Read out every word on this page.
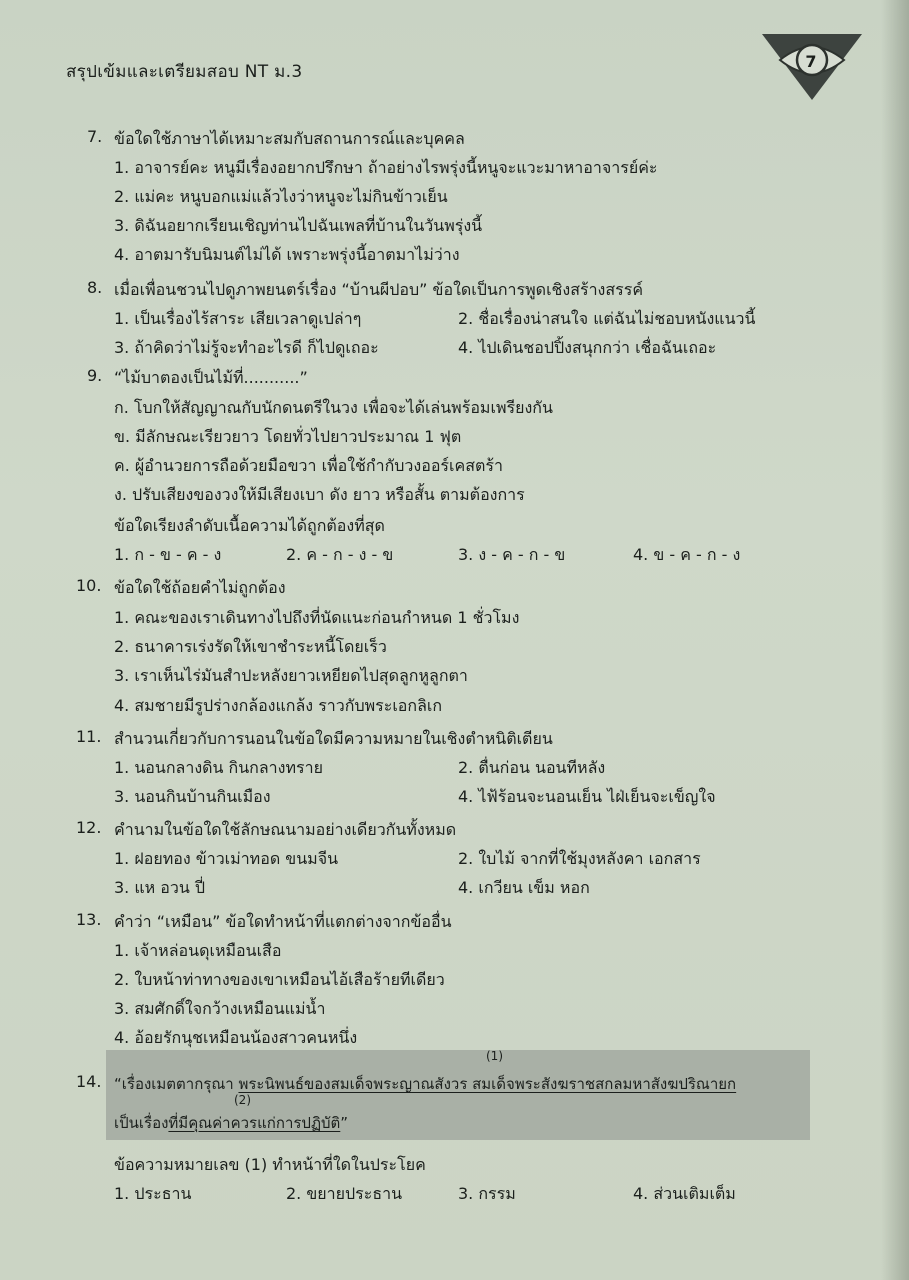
สรุปเข้มและเตรียมสอบ NT ม.3
7
7. ข้อใดใช้ภาษาได้เหมาะสมกับสถานการณ์และบุคคล
1. อาจารย์คะ หนูมีเรื่องอยากปรึกษา ถ้าอย่างไรพรุ่งนี้หนูจะแวะมาหาอาจารย์ค่ะ
2. แม่คะ หนูบอกแม่แล้วไงว่าหนูจะไม่กินข้าวเย็น
3. ดิฉันอยากเรียนเชิญท่านไปฉันเพลที่บ้านในวันพรุ่งนี้
4. อาตมารับนิมนต์ไม่ได้ เพราะพรุ่งนี้อาตมาไม่ว่าง
8. เมื่อเพื่อนชวนไปดูภาพยนตร์เรื่อง “บ้านผีปอบ” ข้อใดเป็นการพูดเชิงสร้างสรรค์
1. เป็นเรื่องไร้สาระ เสียเวลาดูเปล่าๆ	2. ชื่อเรื่องน่าสนใจ แต่ฉันไม่ชอบหนังแนวนี้
3. ถ้าคิดว่าไม่รู้จะทำอะไรดี ก็ไปดูเถอะ	4. ไปเดินชอปปิ้งสนุกกว่า เชื่อฉันเถอะ
9. “ไม้บาตองเป็นไม้ที่...........”
ก. โบกให้สัญญาณกับนักดนตรีในวง เพื่อจะได้เล่นพร้อมเพรียงกัน
ข. มีลักษณะเรียวยาว โดยทั่วไปยาวประมาณ 1 ฟุต
ค. ผู้อำนวยการถือด้วยมือขวา เพื่อใช้กำกับวงออร์เคสตร้า
ง. ปรับเสียงของวงให้มีเสียงเบา ดัง ยาว หรือสั้น ตามต้องการ
ข้อใดเรียงลำดับเนื้อความได้ถูกต้องที่สุด
1. ก - ข - ค - ง	2. ค - ก - ง - ข	3. ง - ค - ก - ข	4. ข - ค - ก - ง
10. ข้อใดใช้ถ้อยคำไม่ถูกต้อง
1. คณะของเราเดินทางไปถึงที่นัดแนะก่อนกำหนด 1 ชั่วโมง
2. ธนาคารเร่งรัดให้เขาชำระหนี้โดยเร็ว
3. เราเห็นไร่มันสำปะหลังยาวเหยียดไปสุดลูกหูลูกตา
4. สมชายมีรูปร่างกล้องแกล้ง ราวกับพระเอกลิเก
11. สำนวนเกี่ยวกับการนอนในข้อใดมีความหมายในเชิงตำหนิติเตียน
1. นอนกลางดิน กินกลางทราย	2. ตื่นก่อน นอนทีหลัง
3. นอนกินบ้านกินเมือง	4. ไฟ้ร้อนจะนอนเย็น ไฝ่เย็นจะเข็ญใจ
12. คำนามในข้อใดใช้ลักษณนามอย่างเดียวกันทั้งหมด
1. ฝอยทอง ข้าวเม่าทอด ขนมจีน	2. ใบไม้ จากที่ใช้มุงหลังคา เอกสาร
3. แห อวน ปี่	4. เกวียน เข็ม หอก
13. คำว่า “เหมือน” ข้อใดทำหน้าที่แตกต่างจากข้ออื่น
1. เจ้าหล่อนดุเหมือนเสือ
2. ใบหน้าท่าทางของเขาเหมือนไอ้เสือร้ายทีเดียว
3. สมศักดิ์ใจกว้างเหมือนแม่น้ำ
4. อ้อยรักนุชเหมือนน้องสาวคนหนึ่ง
(1)
14. “เรื่องเมตตากรุณา พระนิพนธ์ของสมเด็จพระญาณสังวร สมเด็จพระสังฆราชสกลมหาสังฆปริณายก
(2)
เป็นเรื่องที่มีคุณค่าควรแก่การปฏิบัติ”
ข้อความหมายเลข (1) ทำหน้าที่ใดในประโยค
1. ประธาน	2. ขยายประธาน	3. กรรม	4. ส่วนเติมเต็ม
